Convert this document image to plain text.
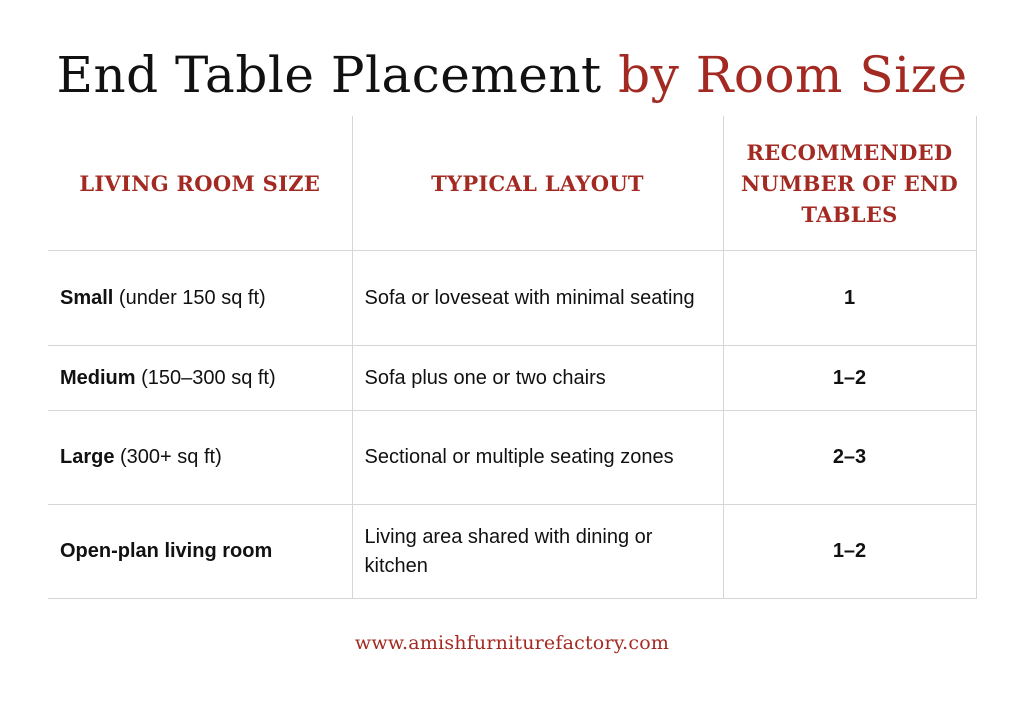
End Table Placement by Room Size
LIVING ROOM SIZE	TYPICAL LAYOUT	RECOMMENDED NUMBER OF END TABLES
Small (under 150 sq ft)	Sofa or loveseat with minimal seating	1
Medium (150–300 sq ft)	Sofa plus one or two chairs	1–2
Large (300+ sq ft)	Sectional or multiple seating zones	2–3
Open-plan living room	Living area shared with dining or kitchen	1–2
www.amishfurniturefactory.com
